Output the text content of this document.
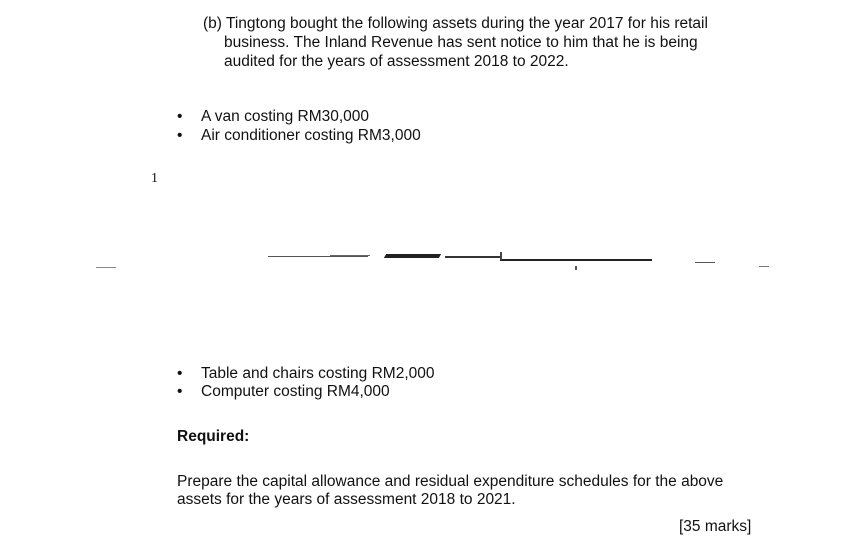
(b) Tingtong bought the following assets during the year 2017 for his retail
business. The Inland Revenue has sent notice to him that he is being
audited for the years of assessment 2018 to 2022.
•	A van costing RM30,000
•	Air conditioner costing RM3,000
1
•	Table and chairs costing RM2,000
•	Computer costing RM4,000
Required:
Prepare the capital allowance and residual expenditure schedules for the above
assets for the years of assessment 2018 to 2021.
[35 marks]
